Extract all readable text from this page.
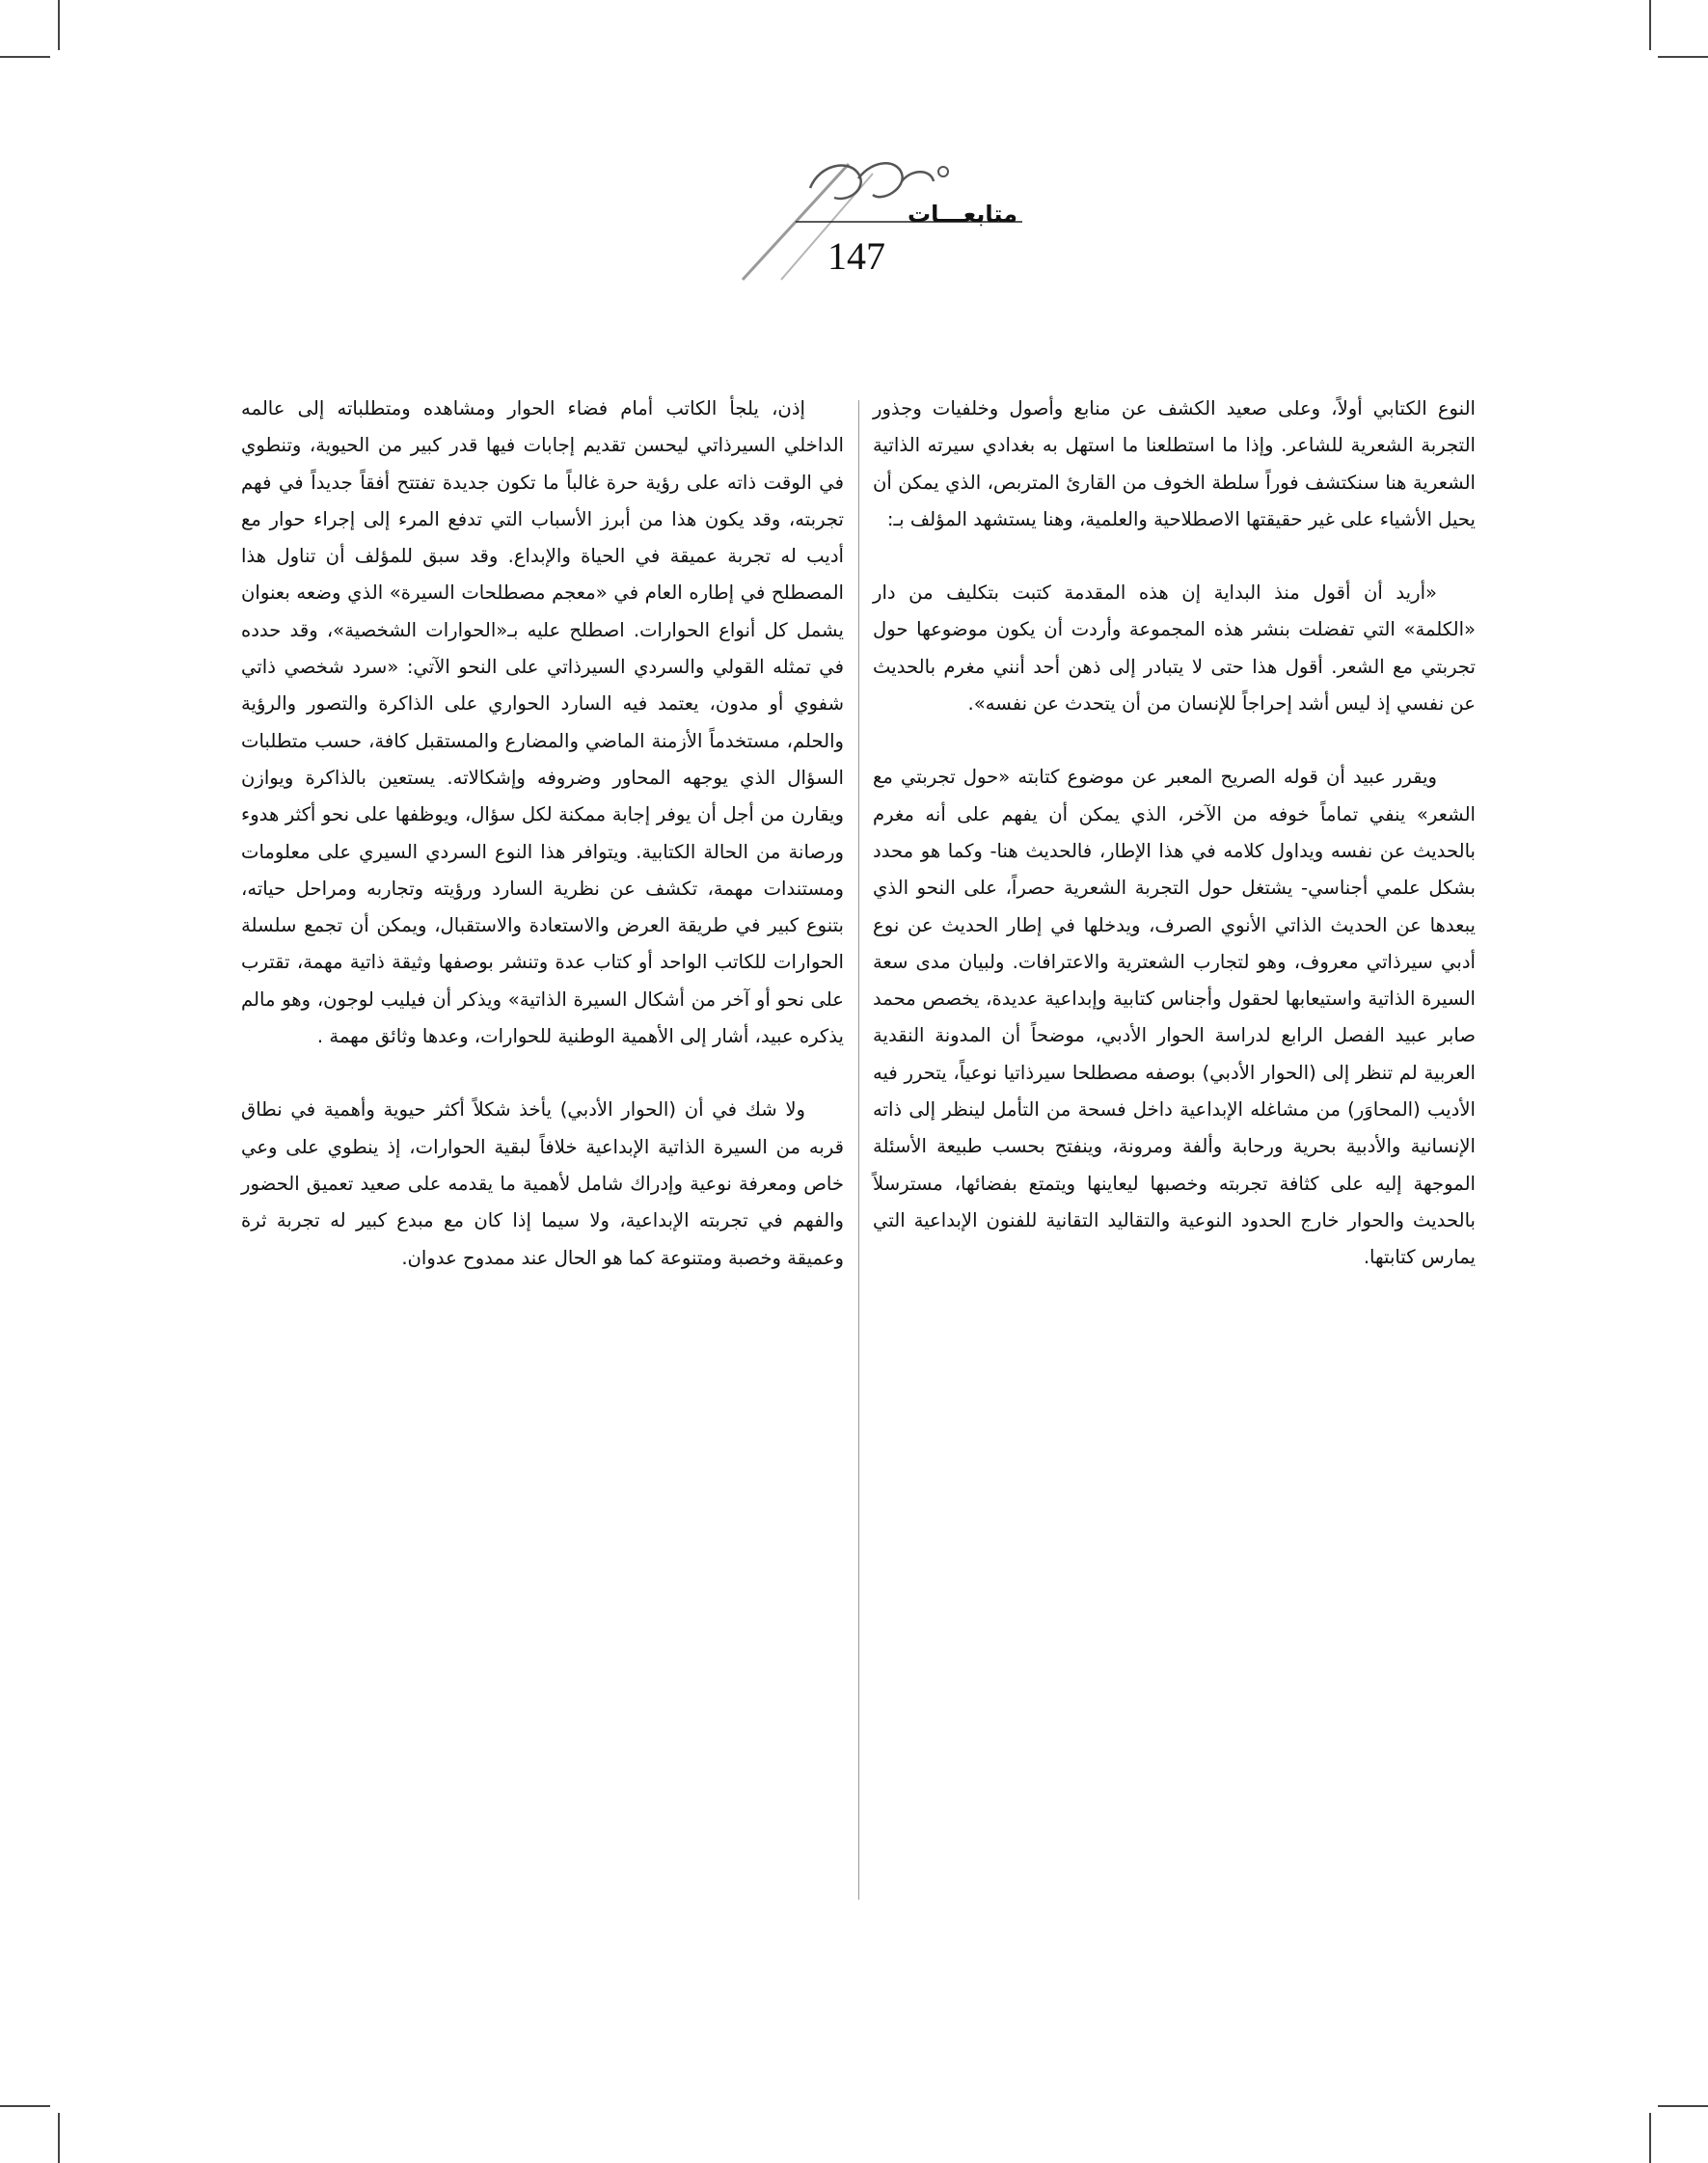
متابعـــات
147

النوع الكتابي أولاً، وعلى صعيد الكشف عن منابع وأصول وخلفيات وجذور التجربة الشعرية للشاعر. وإذا ما استطلعنا ما استهل به بغدادي سيرته الذاتية الشعرية هنا سنكتشف فوراً سلطة الخوف من القارئ المتربص، الذي يمكن أن يحيل الأشياء على غير حقيقتها الاصطلاحية والعلمية، وهنا يستشهد المؤلف بـ:

«أريد أن أقول منذ البداية إن هذه المقدمة كتبت بتكليف من دار «الكلمة» التي تفضلت بنشر هذه المجموعة وأردت أن يكون موضوعها حول تجربتي مع الشعر. أقول هذا حتى لا يتبادر إلى ذهن أحد أنني مغرم بالحديث عن نفسي إذ ليس أشد إحراجاً للإنسان من أن يتحدث عن نفسه».

ويقرر عبيد أن قوله الصريح المعبر عن موضوع كتابته «حول تجربتي مع الشعر» ينفي تماماً خوفه من الآخر، الذي يمكن أن يفهم على أنه مغرم بالحديث عن نفسه ويداول كلامه في هذا الإطار، فالحديث هنا- وكما هو محدد بشكل علمي أجناسي- يشتغل حول التجربة الشعرية حصراً، على النحو الذي يبعدها عن الحديث الذاتي الأنوي الصرف، ويدخلها في إطار الحديث عن نوع أدبي سيرذاتي معروف، وهو لتجارب الشعترية والاعترافات. ولبيان مدى سعة السيرة الذاتية واستيعابها لحقول وأجناس كتابية وإبداعية عديدة، يخصص محمد صابر عبيد الفصل الرابع لدراسة الحوار الأدبي، موضحاً أن المدونة النقدية العربية لم تنظر إلى (الحوار الأدبي) بوصفه مصطلحا سيرذاتيا نوعياً، يتحرر فيه الأديب (المحاوَر) من مشاغله الإبداعية داخل فسحة من التأمل لينظر إلى ذاته الإنسانية والأدبية بحرية ورحابة وألفة ومرونة، وينفتح بحسب طبيعة الأسئلة الموجهة إليه على كثافة تجربته وخصبها ليعاينها ويتمتع بفضائها، مسترسلاً بالحديث والحوار خارج الحدود النوعية والتقاليد التقانية للفنون الإبداعية التي يمارس كتابتها.

إذن، يلجأ الكاتب أمام فضاء الحوار ومشاهده ومتطلباته إلى عالمه الداخلي السيرذاتي ليحسن تقديم إجابات فيها قدر كبير من الحيوية، وتنطوي في الوقت ذاته على رؤية حرة غالباً ما تكون جديدة تفتتح أفقاً جديداً في فهم تجربته، وقد يكون هذا من أبرز الأسباب التي تدفع المرء إلى إجراء حوار مع أديب له تجربة عميقة في الحياة والإبداع. وقد سبق للمؤلف أن تناول هذا المصطلح في إطاره العام في «معجم مصطلحات السيرة» الذي وضعه بعنوان يشمل كل أنواع الحوارات. اصطلح عليه بـ«الحوارات الشخصية»، وقد حدده في تمثله القولي والسردي السيرذاتي على النحو الآتي: «سرد شخصي ذاتي شفوي أو مدون، يعتمد فيه السارد الحواري على الذاكرة والتصور والرؤية والحلم، مستخدماً الأزمنة الماضي والمضارع والمستقبل كافة، حسب متطلبات السؤال الذي يوجهه المحاور وضروفه وإشكالاته. يستعين بالذاكرة ويوازن ويقارن من أجل أن يوفر إجابة ممكنة لكل سؤال، ويوظفها على نحو أكثر هدوء ورصانة من الحالة الكتابية. ويتوافر هذا النوع السردي السيري على معلومات ومستندات مهمة، تكشف عن نظرية السارد ورؤيته وتجاربه ومراحل حياته، بتنوع كبير في طريقة العرض والاستعادة والاستقبال، ويمكن أن تجمع سلسلة الحوارات للكاتب الواحد أو كتاب عدة وتنشر بوصفها وثيقة ذاتية مهمة، تقترب على نحو أو آخر من أشكال السيرة الذاتية» ويذكر أن فيليب لوجون، وهو مالم يذكره عبيد، أشار إلى الأهمية الوطنية للحوارات، وعدها وثائق مهمة .

ولا شك في أن (الحوار الأدبي) يأخذ شكلاً أكثر حيوية وأهمية في نطاق قربه من السيرة الذاتية الإبداعية خلافاً لبقية الحوارات، إذ ينطوي على وعي خاص ومعرفة نوعية وإدراك شامل لأهمية ما يقدمه على صعيد تعميق الحضور والفهم في تجربته الإبداعية، ولا سيما إذا كان مع مبدع كبير له تجربة ثرة وعميقة وخصبة ومتنوعة كما هو الحال عند ممدوح عدوان.
